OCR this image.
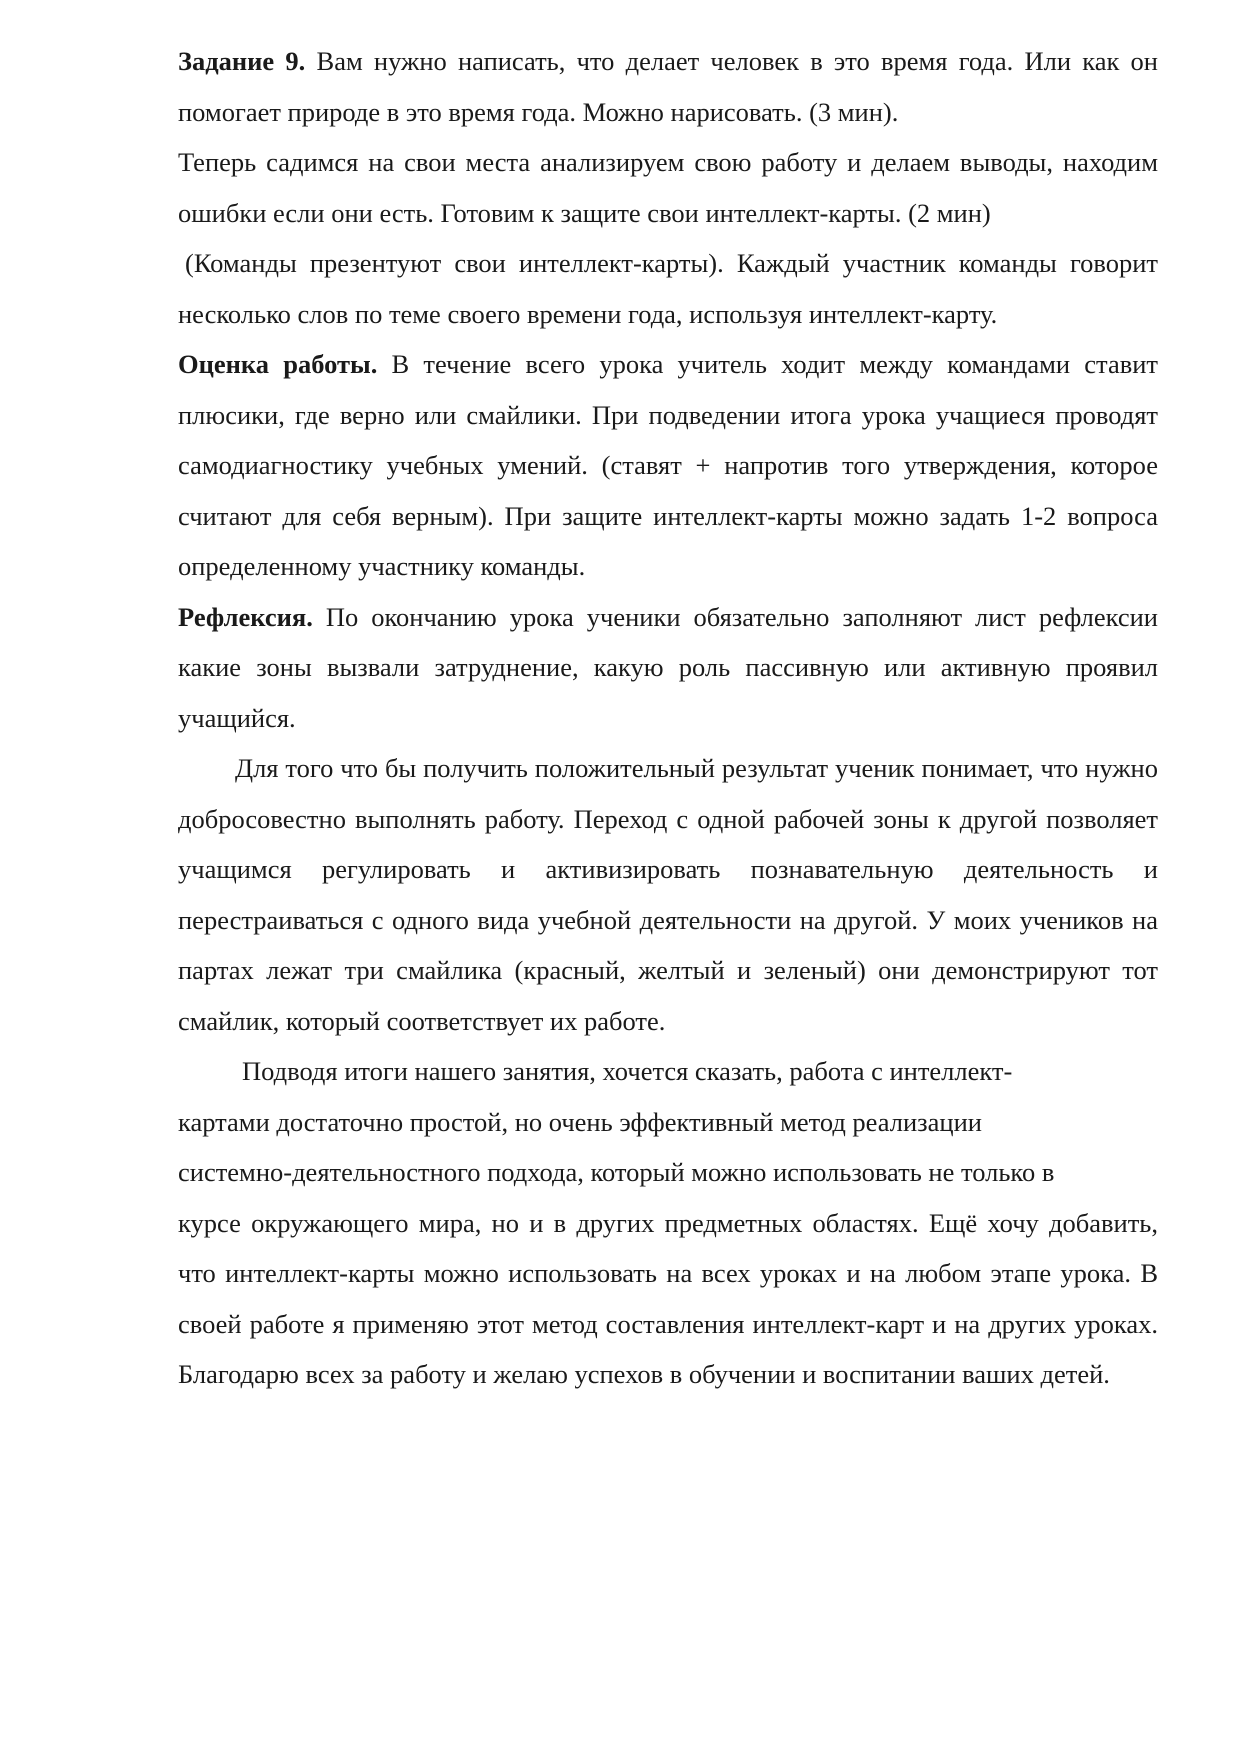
Задание 9. Вам нужно написать, что делает человек в это время года. Или как он помогает природе в это время года. Можно нарисовать. (3 мин).

Теперь садимся на свои места анализируем свою работу и делаем выводы, находим ошибки если они есть. Готовим к защите свои интеллект-карты. (2 мин)

(Команды презентуют свои интеллект-карты). Каждый участник команды говорит несколько слов по теме своего времени года, используя интеллект-карту.

Оценка работы. В течение всего урока учитель ходит между командами ставит плюсики, где верно или смайлики. При подведении итога урока учащиеся проводят самодиагностику учебных умений. (ставят + напротив того утверждения, которое считают для себя верным). При защите интеллект-карты можно задать 1-2 вопроса определенному участнику команды.

Рефлексия. По окончанию урока ученики обязательно заполняют лист рефлексии какие зоны вызвали затруднение, какую роль пассивную или активную проявил учащийся.

Для того что бы получить положительный результат ученик понимает, что нужно добросовестно выполнять работу. Переход с одной рабочей зоны к другой позволяет учащимся регулировать и активизировать познавательную деятельность и перестраиваться с одного вида учебной деятельности на другой. У моих учеников на партах лежат три смайлика (красный, желтый и зеленый) они демонстрируют тот смайлик, который соответствует их работе.

Подводя итоги нашего занятия, хочется сказать, работа с интеллект-
картами достаточно простой, но очень эффективный метод реализации
системно-деятельностного подхода, который можно использовать не только в

курсе окружающего мира, но и в других предметных областях. Ещё хочу добавить, что интеллект-карты можно использовать на всех уроках и на любом этапе урока. В своей работе я применяю этот метод составления интеллект-карт и на других уроках. Благодарю всех за работу и желаю успехов в обучении и воспитании ваших детей.
